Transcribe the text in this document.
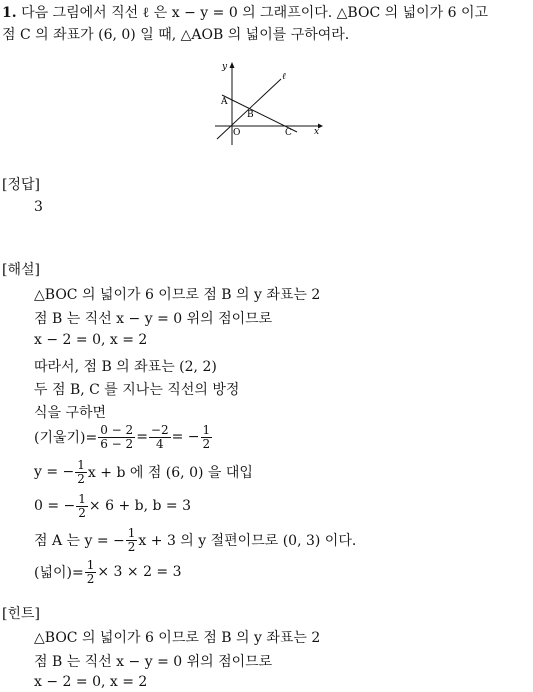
1. 다음 그림에서 직선 ℓ 은 x − y = 0 의 그래프이다. △BOC 의 넓이가 6 이고
점 C 의 좌표가 (6, 0) 일 때, △AOB 의 넓이를 구하여라.
y
ℓ
A
B
O	C x
[정답]
3
[해설]
△BOC 의 넓이가 6 이므로 점 B 의 y 좌표는 2
점 B 는 직선 x − y = 0 위의 점이므로
x − 2 = 0, x = 2
따라서, 점 B 의 좌표는 (2, 2)
두 점 B, C 를 지나는 직선의 방정
식을 구하면
(기울기)= $\frac{0 - 2}{6 - 2} = \frac{-2}{4}$ = − $\frac{1}{2}$
y = − $\frac{1}{2}$ x + b 에 점 (6, 0) 을 대입
0 = − $\frac{1}{2} \times 6 + b$, b = 3
점 A 는 y = − $\frac{1}{2}$ x + 3 의 y 절편이므로 (0, 3) 이다.
(넓이)= $\frac{1}{2} \times 3 \times 2 = 3$
[힌트]
△BOC 의 넓이가 6 이므로 점 B 의 y 좌표는 2
점 B 는 직선 x − y = 0 위의 점이므로
x − 2 = 0, x = 2
